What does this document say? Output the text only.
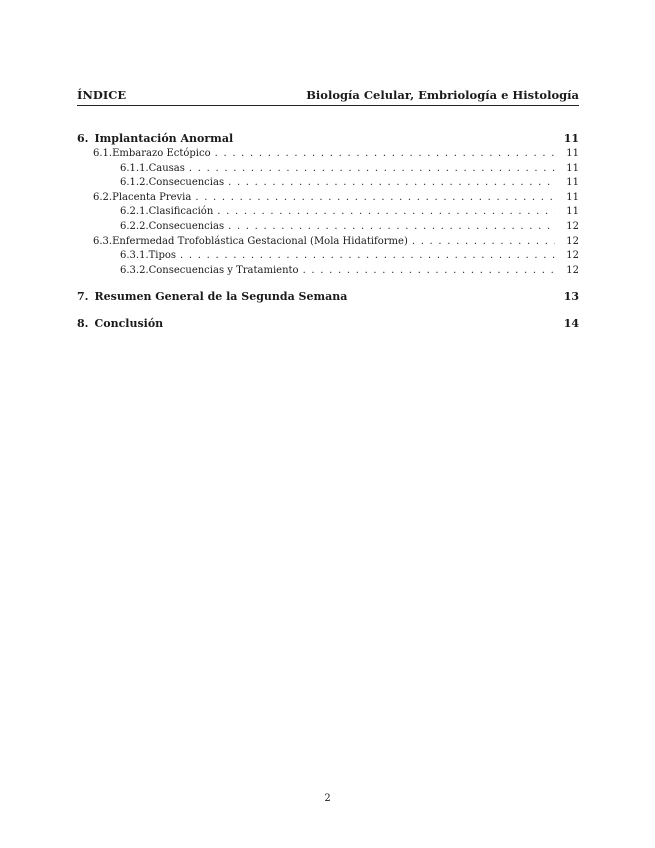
ÍNDICE	Biología Celular, Embriología e Histología
6. Implantación Anormal	11
6.1. Embarazo Ectópico . . .	11
6.1.1. Causas . . .	11
6.1.2. Consecuencias . . .	11
6.2. Placenta Previa . . .	11
6.2.1. Clasificación . . .	11
6.2.2. Consecuencias . . .	12
6.3. Enfermedad Trofoblástica Gestacional (Mola Hidatiforme) . . .	12
6.3.1. Tipos . . .	12
6.3.2. Consecuencias y Tratamiento . . .	12
7. Resumen General de la Segunda Semana	13
8. Conclusión	14
2
